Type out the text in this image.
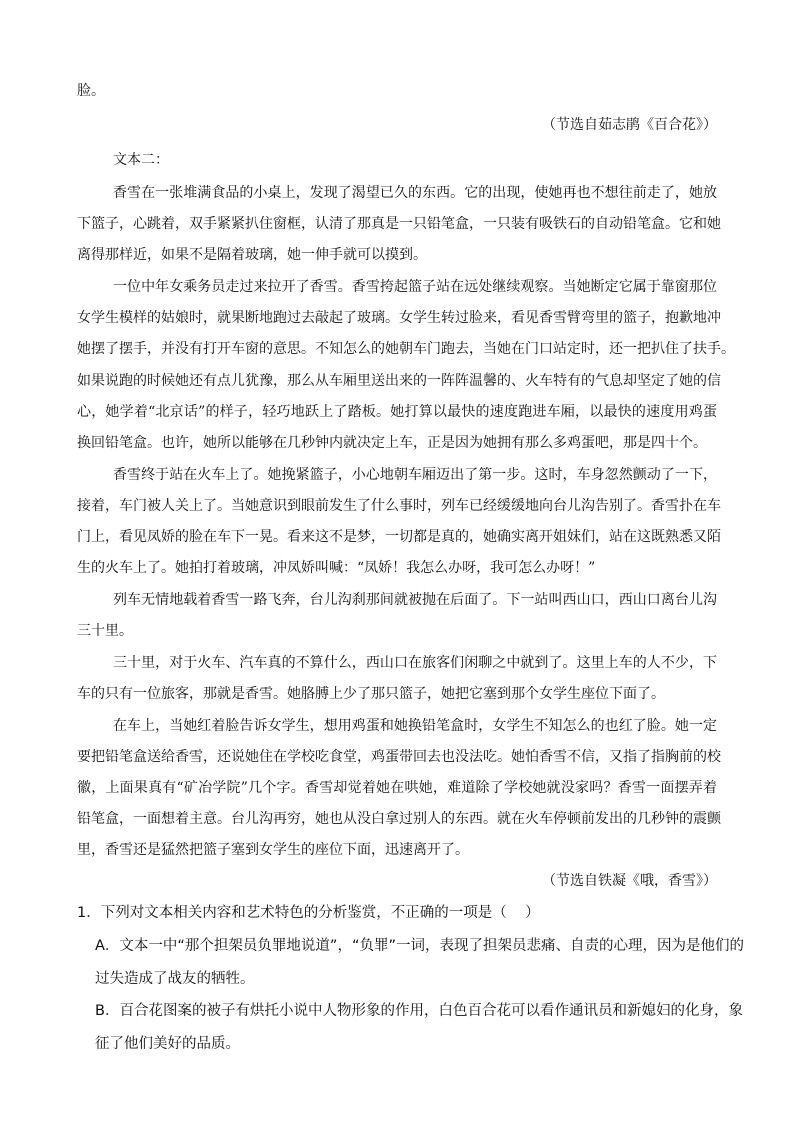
脸。
（节选自茹志鹃《百合花》）
文本二：
香雪在一张堆满食品的小桌上，发现了渴望已久的东西。它的出现，使她再也不想往前走了，她放
下篮子，心跳着，双手紧紧扒住窗框，认清了那真是一只铅笔盒，一只装有吸铁石的自动铅笔盒。它和她
离得那样近，如果不是隔着玻璃，她一伸手就可以摸到。
一位中年女乘务员走过来拉开了香雪。香雪挎起篮子站在远处继续观察。当她断定它属于靠窗那位
女学生模样的姑娘时，就果断地跑过去敲起了玻璃。女学生转过脸来，看见香雪臂弯里的篮子，抱歉地冲
她摆了摆手，并没有打开车窗的意思。不知怎么的她朝车门跑去，当她在门口站定时，还一把扒住了扶手。
如果说跑的时候她还有点儿犹豫，那么从车厢里送出来的一阵阵温馨的、火车特有的气息却坚定了她的信
心，她学着“北京话”的样子，轻巧地跃上了踏板。她打算以最快的速度跑进车厢，以最快的速度用鸡蛋
换回铅笔盒。也许，她所以能够在几秒钟内就决定上车，正是因为她拥有那么多鸡蛋吧，那是四十个。
香雪终于站在火车上了。她挽紧篮子，小心地朝车厢迈出了第一步。这时，车身忽然颤动了一下，
接着，车门被人关上了。当她意识到眼前发生了什么事时，列车已经缓缓地向台儿沟告别了。香雪扑在车
门上，看见凤娇的脸在车下一晃。看来这不是梦，一切都是真的，她确实离开姐妹们，站在这既熟悉又陌
生的火车上了。她拍打着玻璃，冲凤娇叫喊：“凤娇！我怎么办呀，我可怎么办呀！”
列车无情地载着香雪一路飞奔，台儿沟刹那间就被抛在后面了。下一站叫西山口，西山口离台儿沟
三十里。
三十里，对于火车、汽车真的不算什么，西山口在旅客们闲聊之中就到了。这里上车的人不少，下
车的只有一位旅客，那就是香雪。她胳膊上少了那只篮子，她把它塞到那个女学生座位下面了。
在车上，当她红着脸告诉女学生，想用鸡蛋和她换铅笔盒时，女学生不知怎么的也红了脸。她一定
要把铅笔盒送给香雪，还说她住在学校吃食堂，鸡蛋带回去也没法吃。她怕香雪不信，又指了指胸前的校
徽，上面果真有“矿冶学院”几个字。香雪却觉着她在哄她，难道除了学校她就没家吗？香雪一面摆弄着
铅笔盒，一面想着主意。台儿沟再穷，她也从没白拿过别人的东西。就在火车停顿前发出的几秒钟的震颤
里，香雪还是猛然把篮子塞到女学生的座位下面，迅速离开了。
（节选自铁凝《哦，香雪》）
1．下列对文本相关内容和艺术特色的分析鉴赏，不正确的一项是（    ）
A．文本一中“那个担架员负罪地说道”，“负罪”一词，表现了担架员悲痛、自责的心理，因为是他们的
过失造成了战友的牺牲。
B．百合花图案的被子有烘托小说中人物形象的作用，白色百合花可以看作通讯员和新媳妇的化身，象
征了他们美好的品质。
